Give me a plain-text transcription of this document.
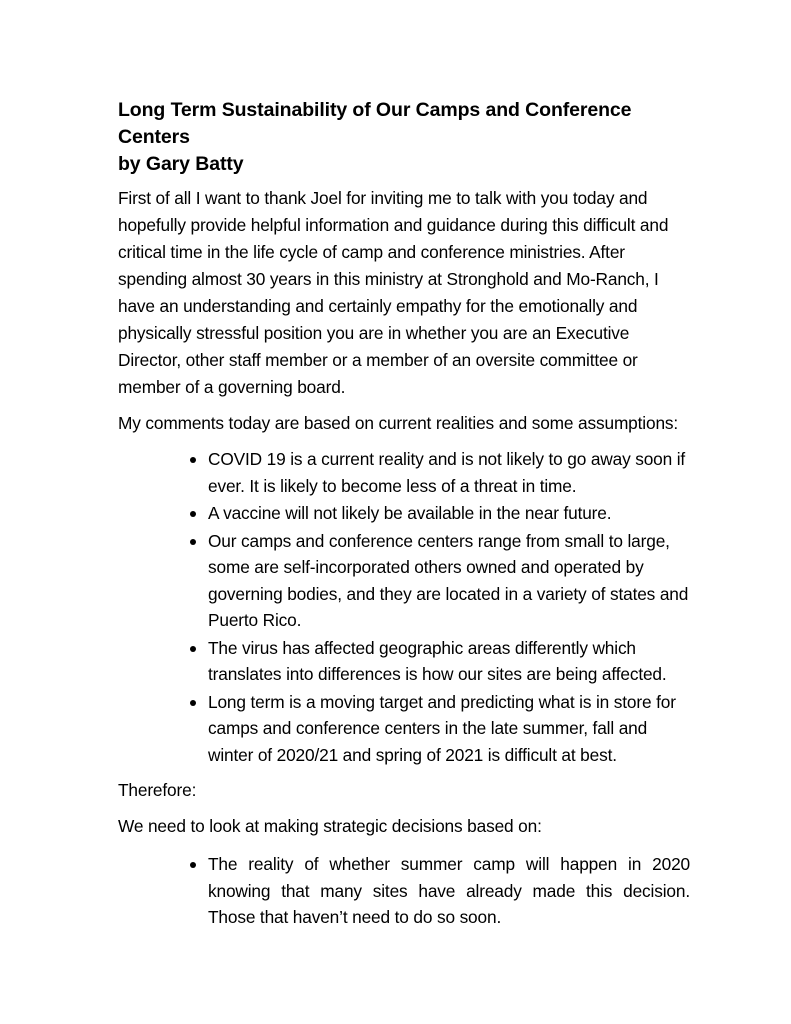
Long Term Sustainability of Our Camps and Conference Centers
by Gary Batty

First of all I want to thank Joel for inviting me to talk with you today and hopefully provide helpful information and guidance during this difficult and critical time in the life cycle of camp and conference ministries. After spending almost 30 years in this ministry at Stronghold and Mo-Ranch, I have an understanding and certainly empathy for the emotionally and physically stressful position you are in whether you are an Executive Director, other staff member or a member of an oversite committee or member of a governing board.

My comments today are based on current realities and some assumptions:

COVID 19 is a current reality and is not likely to go away soon if ever. It is likely to become less of a threat in time.
A vaccine will not likely be available in the near future.
Our camps and conference centers range from small to large, some are self-incorporated others owned and operated by governing bodies, and they are located in a variety of states and Puerto Rico.
The virus has affected geographic areas differently which translates into differences is how our sites are being affected.
Long term is a moving target and predicting what is in store for camps and conference centers in the late summer, fall and winter of 2020/21 and spring of 2021 is difficult at best.

Therefore:

We need to look at making strategic decisions based on:

The reality of whether summer camp will happen in 2020 knowing that many sites have already made this decision. Those that haven’t need to do so soon.
